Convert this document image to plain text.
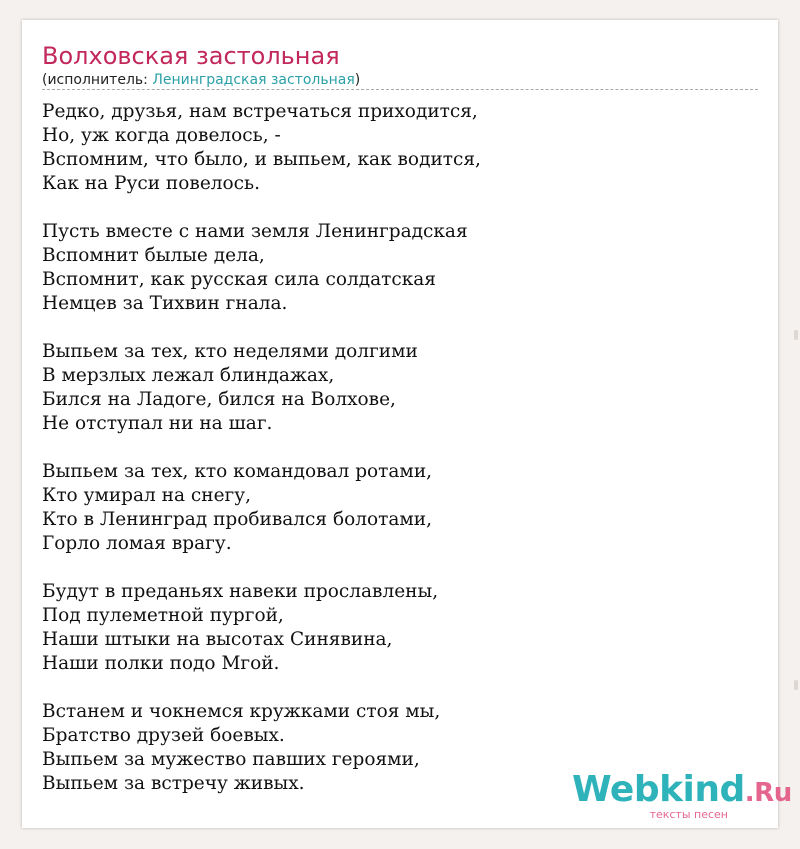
Волховская застольная
(исполнитель: Ленинградская застольная)
Редко, друзья, нам встречаться приходится,
Но, уж когда довелось, -
Вспомним, что было, и выпьем, как водится,
Как на Руси повелось.
Пусть вместе с нами земля Ленинградская
Вспомнит былые дела,
Вспомнит, как русская сила солдатская
Немцев за Тихвин гнала.
Выпьем за тех, кто неделями долгими
В мерзлых лежал блиндажах,
Бился на Ладоге, бился на Волхове,
Не отступал ни на шаг.
Выпьем за тех, кто командовал ротами,
Кто умирал на снегу,
Кто в Ленинград пробивался болотами,
Горло ломая врагу.
Будут в преданьях навеки прославлены,
Под пулеметной пургой,
Наши штыки на высотах Синявина,
Наши полки подо Мгой.
Встанем и чокнемся кружками стоя мы,
Братство друзей боевых.
Выпьем за мужество павших героями,
Выпьем за встречу живых.	Webkind.Ru
тексты песен
